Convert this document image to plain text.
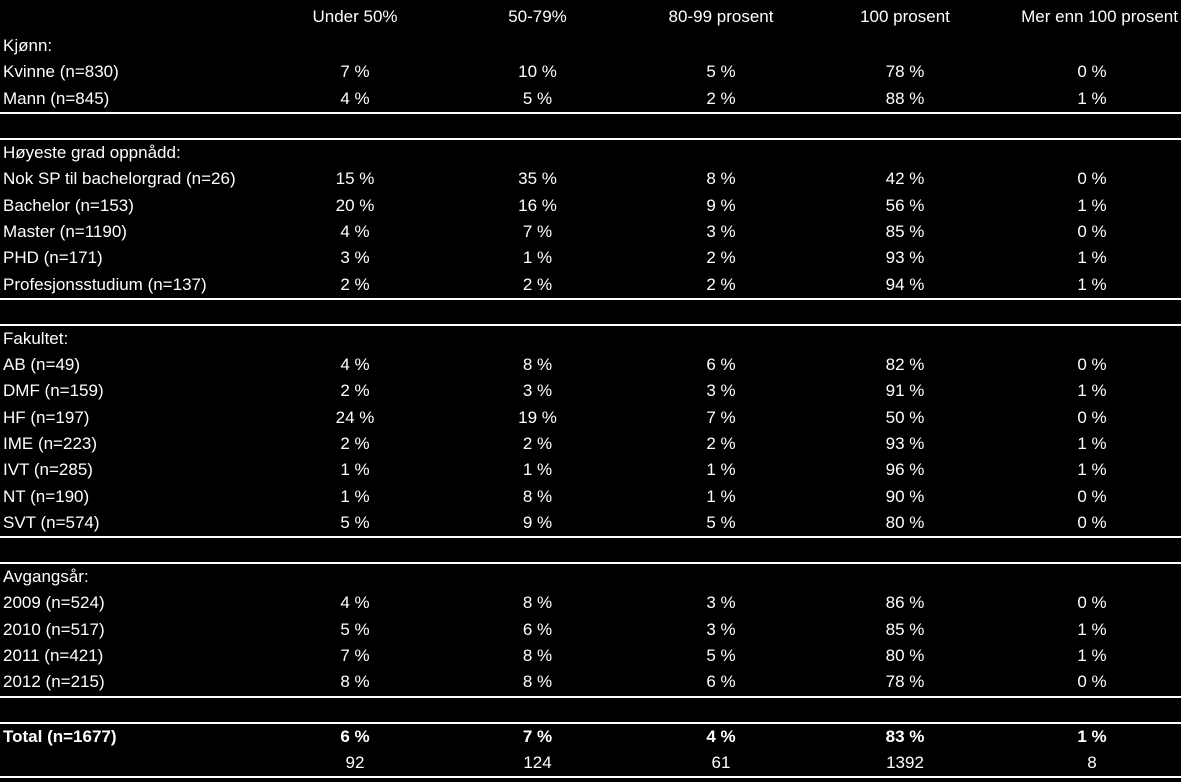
	Under 50%	50-79%	80-99 prosent	100 prosent	Mer enn 100 prosent
Kjønn:					
Kvinne (n=830)	7 %	10 %	5 %	78 %	0 %
Mann (n=845)	4 %	5 %	2 %	88 %	1 %

Høyeste grad oppnådd:					
Nok SP til bachelorgrad (n=26)	15 %	35 %	8 %	42 %	0 %
Bachelor (n=153)	20 %	16 %	9 %	56 %	1 %
Master (n=1190)	4 %	7 %	3 %	85 %	0 %
PHD (n=171)	3 %	1 %	2 %	93 %	1 %
Profesjonsstudium (n=137)	2 %	2 %	2 %	94 %	1 %

Fakultet:					
AB (n=49)	4 %	8 %	6 %	82 %	0 %
DMF (n=159)	2 %	3 %	3 %	91 %	1 %
HF (n=197)	24 %	19 %	7 %	50 %	0 %
IME (n=223)	2 %	2 %	2 %	93 %	1 %
IVT (n=285)	1 %	1 %	1 %	96 %	1 %
NT (n=190)	1 %	8 %	1 %	90 %	0 %
SVT (n=574)	5 %	9 %	5 %	80 %	0 %

Avgangsår:					
2009 (n=524)	4 %	8 %	3 %	86 %	0 %
2010 (n=517)	5 %	6 %	3 %	85 %	1 %
2011 (n=421)	7 %	8 %	5 %	80 %	1 %
2012 (n=215)	8 %	8 %	6 %	78 %	0 %

Total (n=1677)	6 %	7 %	4 %	83 %	1 %
	92	124	61	1392	8
